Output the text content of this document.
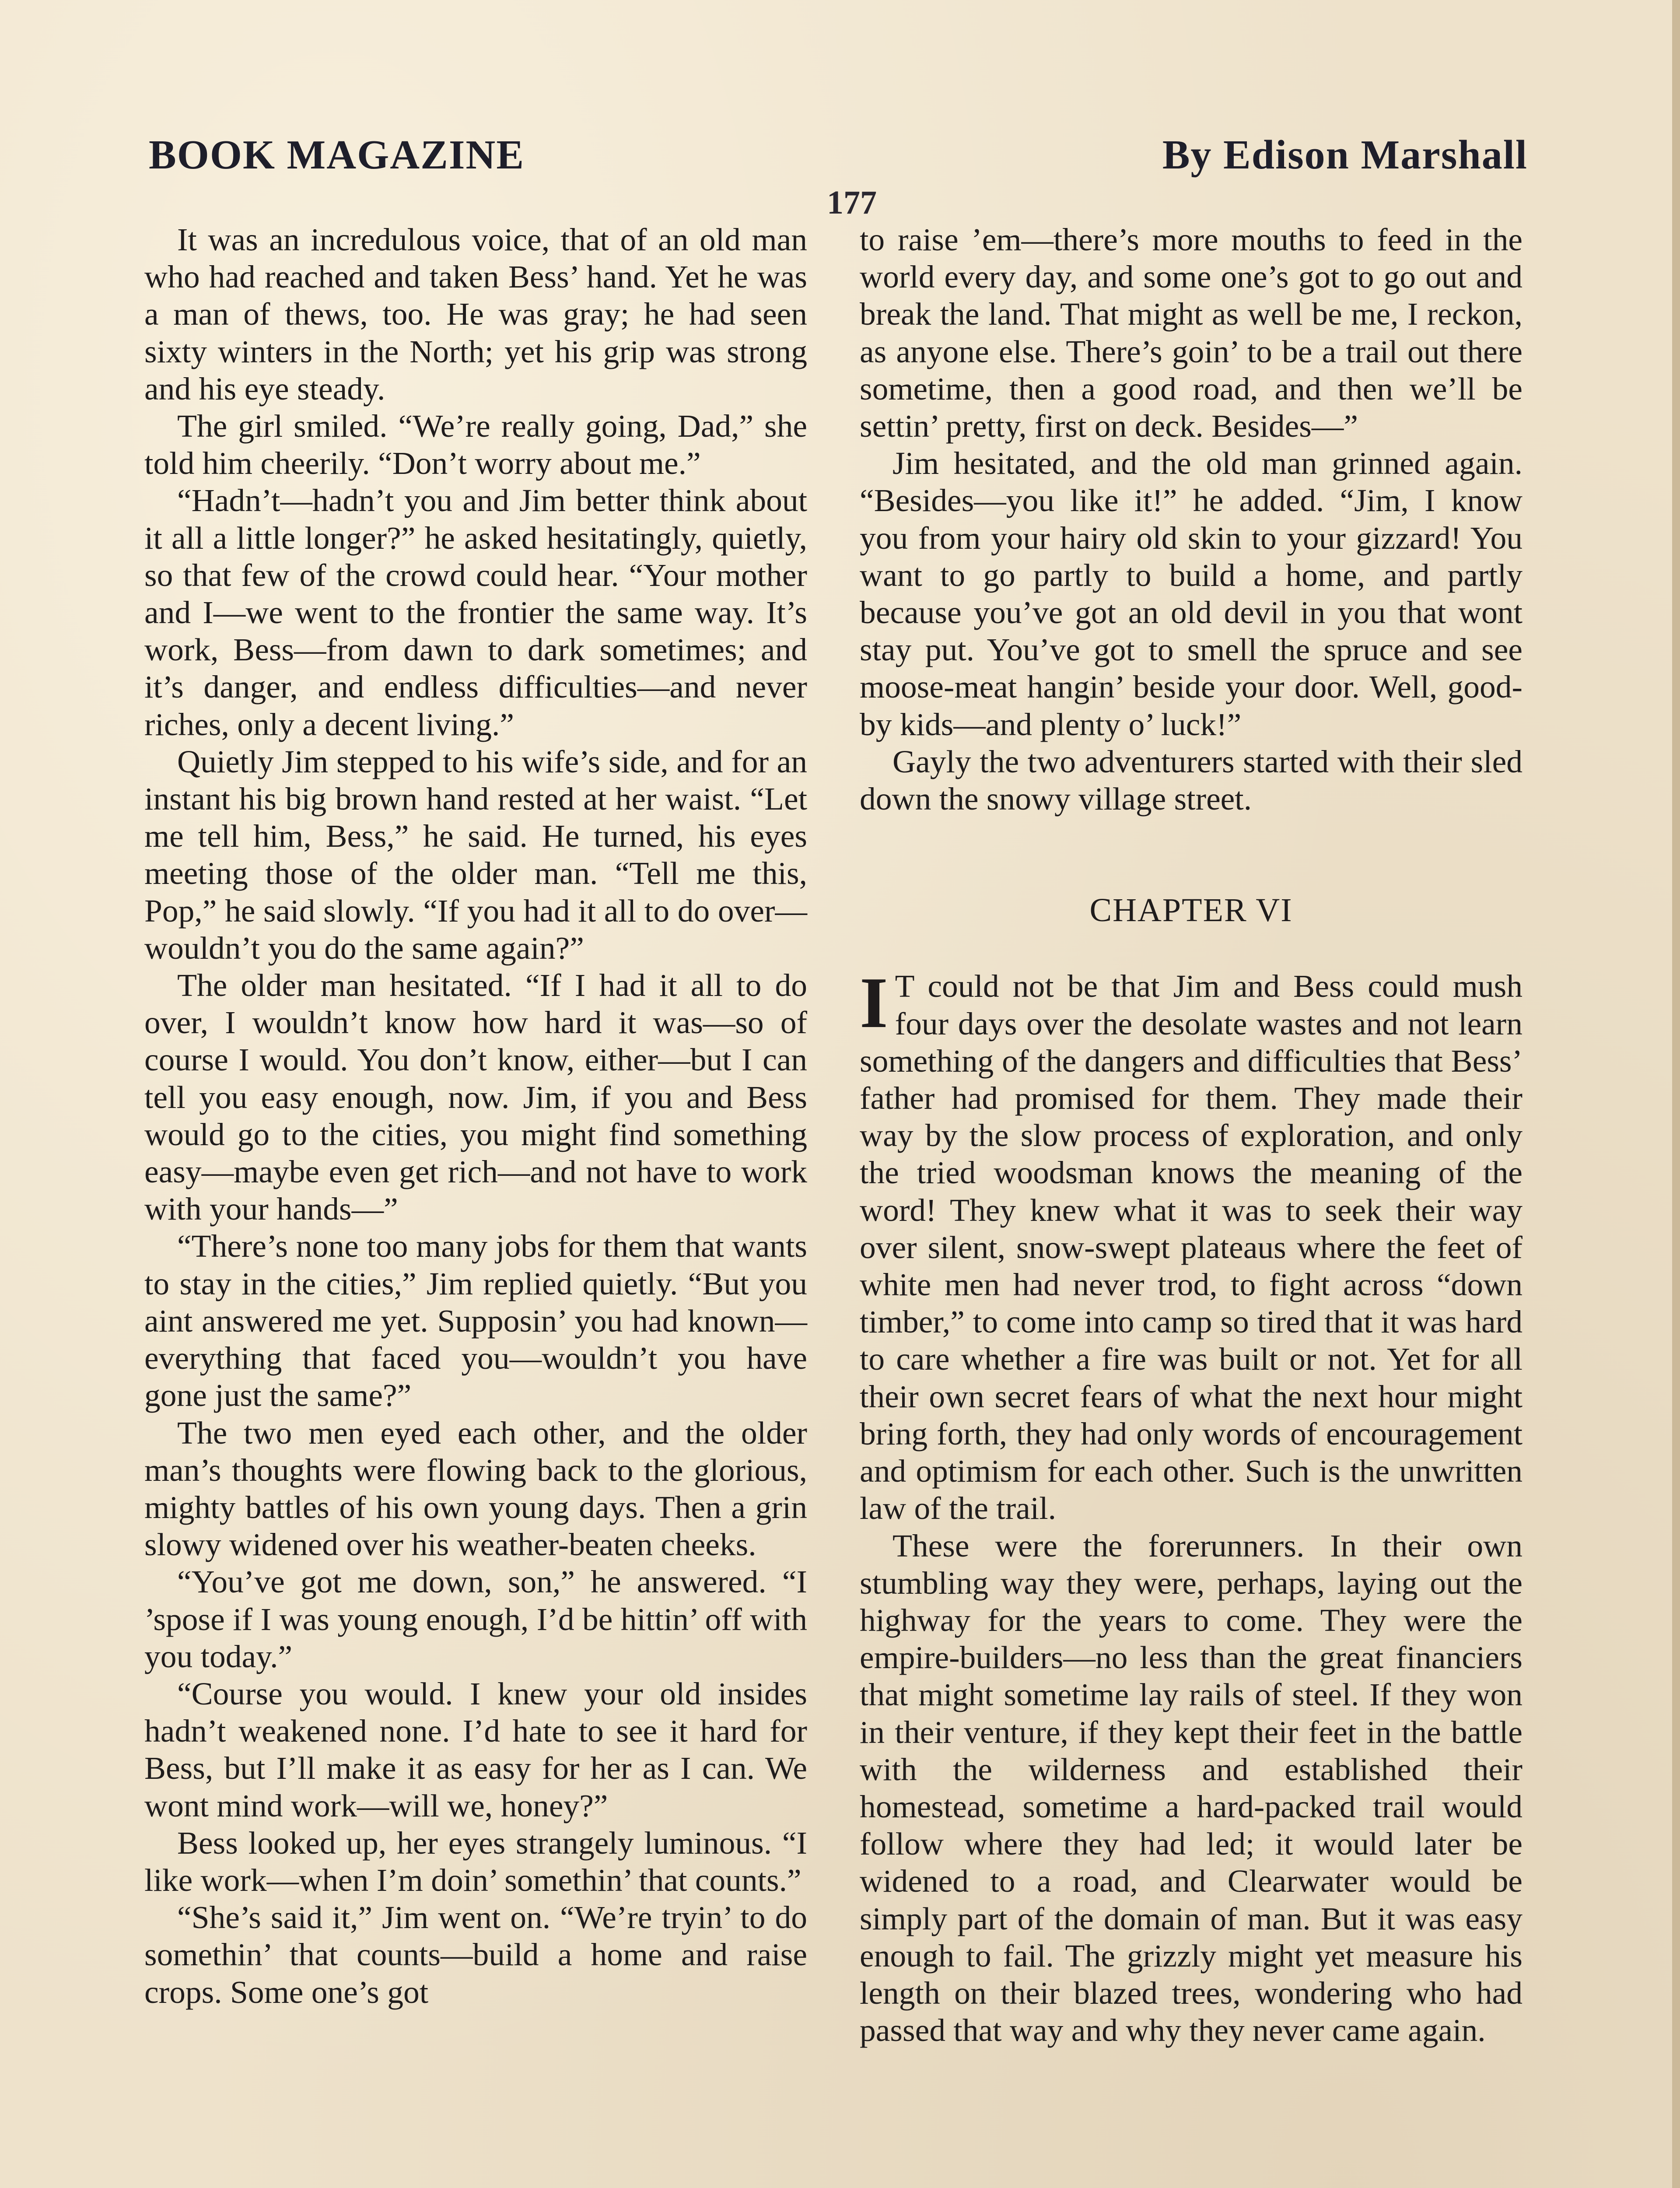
BOOK MAGAZINE	By Edison Marshall
177

It was an incredulous voice, that of an old man who had reached and taken Bess’ hand. Yet he was a man of thews, too. He was gray; he had seen sixty winters in the North; yet his grip was strong and his eye steady.

The girl smiled. “We’re really going, Dad,” she told him cheerily. “Don’t worry about me.”

“Hadn’t—hadn’t you and Jim better think about it all a little longer?” he asked hesitatingly, quietly, so that few of the crowd could hear. “Your mother and I—we went to the frontier the same way. It’s work, Bess—from dawn to dark sometimes; and it’s danger, and endless difficulties—and never riches, only a decent living.”

Quietly Jim stepped to his wife’s side, and for an instant his big brown hand rested at her waist. “Let me tell him, Bess,” he said. He turned, his eyes meeting those of the older man. “Tell me this, Pop,” he said slowly. “If you had it all to do over—wouldn’t you do the same again?”

The older man hesitated. “If I had it all to do over, I wouldn’t know how hard it was—so of course I would. You don’t know, either—but I can tell you easy enough, now. Jim, if you and Bess would go to the cities, you might find something easy—maybe even get rich—and not have to work with your hands—”

“There’s none too many jobs for them that wants to stay in the cities,” Jim replied quietly. “But you aint answered me yet. Supposin’ you had known—everything that faced you—wouldn’t you have gone just the same?”

The two men eyed each other, and the older man’s thoughts were flowing back to the glorious, mighty battles of his own young days. Then a grin slowy widened over his weather-beaten cheeks.

“You’ve got me down, son,” he answered. “I ’spose if I was young enough, I’d be hittin’ off with you today.”

“Course you would. I knew your old insides hadn’t weakened none. I’d hate to see it hard for Bess, but I’ll make it as easy for her as I can. We wont mind work—will we, honey?”

Bess looked up, her eyes strangely luminous. “I like work—when I’m doin’ somethin’ that counts.”

“She’s said it,” Jim went on. “We’re tryin’ to do somethin’ that counts—build a home and raise crops. Some one’s got

to raise ’em—there’s more mouths to feed in the world every day, and some one’s got to go out and break the land. That might as well be me, I reckon, as anyone else. There’s goin’ to be a trail out there sometime, then a good road, and then we’ll be settin’ pretty, first on deck. Besides—”

Jim hesitated, and the old man grinned again. “Besides—you like it!” he added. “Jim, I know you from your hairy old skin to your gizzard! You want to go partly to build a home, and partly because you’ve got an old devil in you that wont stay put. You’ve got to smell the spruce and see moose-meat hangin’ beside your door. Well, good-by kids—and plenty o’ luck!”

Gayly the two adventurers started with their sled down the snowy village street.

CHAPTER VI

I T could not be that Jim and Bess could mush four days over the desolate wastes and not learn something of the dangers and difficulties that Bess’ father had promised for them. They made their way by the slow process of exploration, and only the tried woodsman knows the meaning of the word! They knew what it was to seek their way over silent, snow-swept plateaus where the feet of white men had never trod, to fight across “down timber,” to come into camp so tired that it was hard to care whether a fire was built or not. Yet for all their own secret fears of what the next hour might bring forth, they had only words of encouragement and optimism for each other. Such is the unwritten law of the trail.

These were the forerunners. In their own stumbling way they were, perhaps, laying out the highway for the years to come. They were the empire-builders—no less than the great financiers that might sometime lay rails of steel. If they won in their venture, if they kept their feet in the battle with the wilderness and established their homestead, sometime a hard-packed trail would follow where they had led; it would later be widened to a road, and Clearwater would be simply part of the domain of man. But it was easy enough to fail. The grizzly might yet measure his length on their blazed trees, wondering who had passed that way and why they never came again.
